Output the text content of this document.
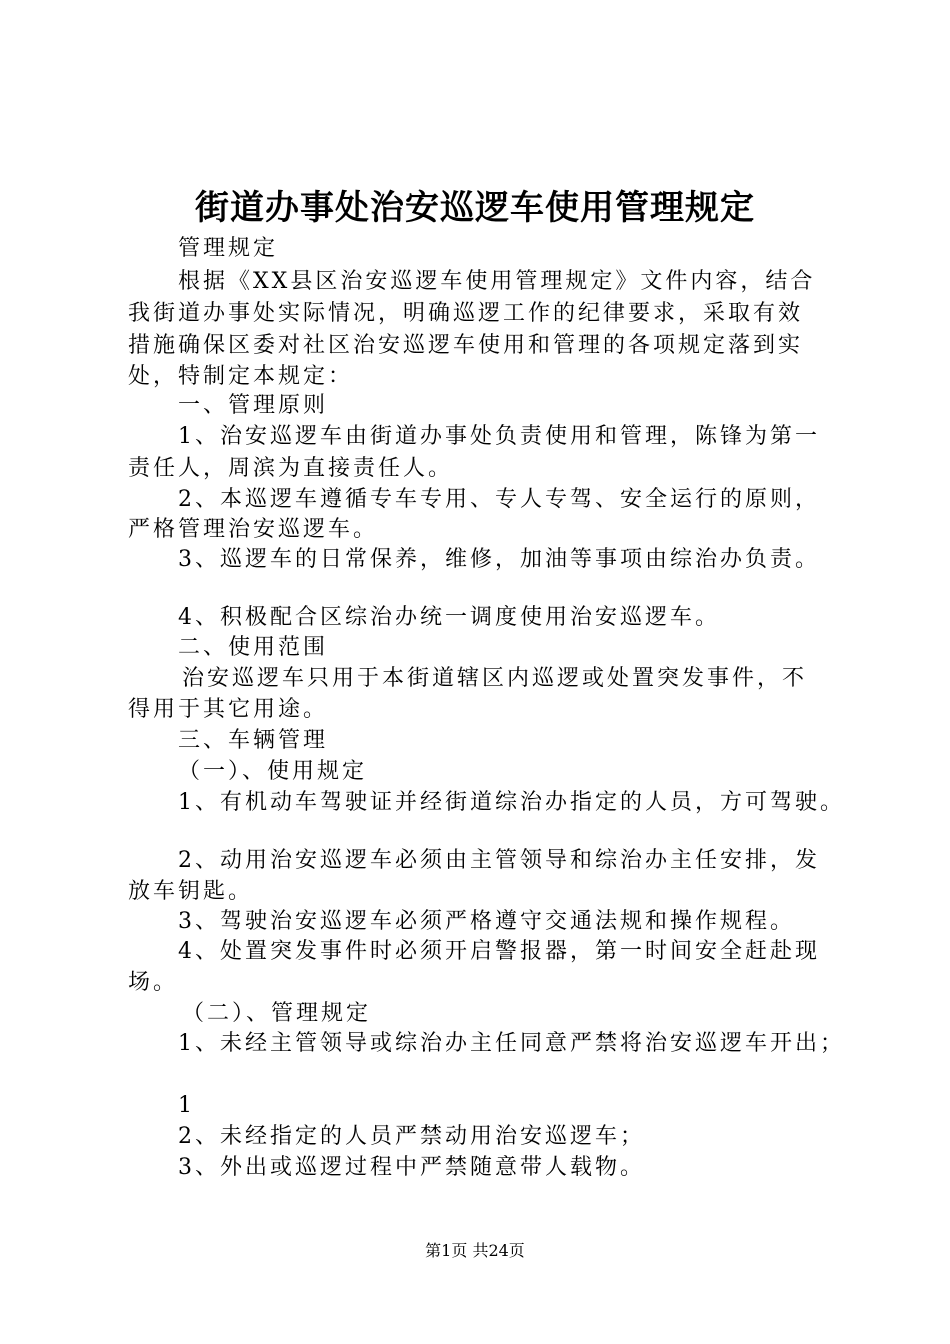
街道办事处治安巡逻车使用管理规定
管理规定
根据《XX县区治安巡逻车使用管理规定》文件内容，结合
我街道办事处实际情况，明确巡逻工作的纪律要求，采取有效
措施确保区委对社区治安巡逻车使用和管理的各项规定落到实
处，特制定本规定：
一、管理原则
1、治安巡逻车由街道办事处负责使用和管理，陈锋为第一
责任人，周滨为直接责任人。
2、本巡逻车遵循专车专用、专人专驾、安全运行的原则，
严格管理治安巡逻车。
3、巡逻车的日常保养，维修，加油等事项由综治办负责。
4、积极配合区综治办统一调度使用治安巡逻车。
二、使用范围
治安巡逻车只用于本街道辖区内巡逻或处置突发事件，不
得用于其它用途。
三、车辆管理
（一）、使用规定
1、有机动车驾驶证并经街道综治办指定的人员，方可驾驶。
2、动用治安巡逻车必须由主管领导和综治办主任安排，发
放车钥匙。
3、驾驶治安巡逻车必须严格遵守交通法规和操作规程。
4、处置突发事件时必须开启警报器，第一时间安全赶赴现
场。
（二）、管理规定
1、未经主管领导或综治办主任同意严禁将治安巡逻车开出；
1
2、未经指定的人员严禁动用治安巡逻车；
3、外出或巡逻过程中严禁随意带人载物。
第1页 共24页
